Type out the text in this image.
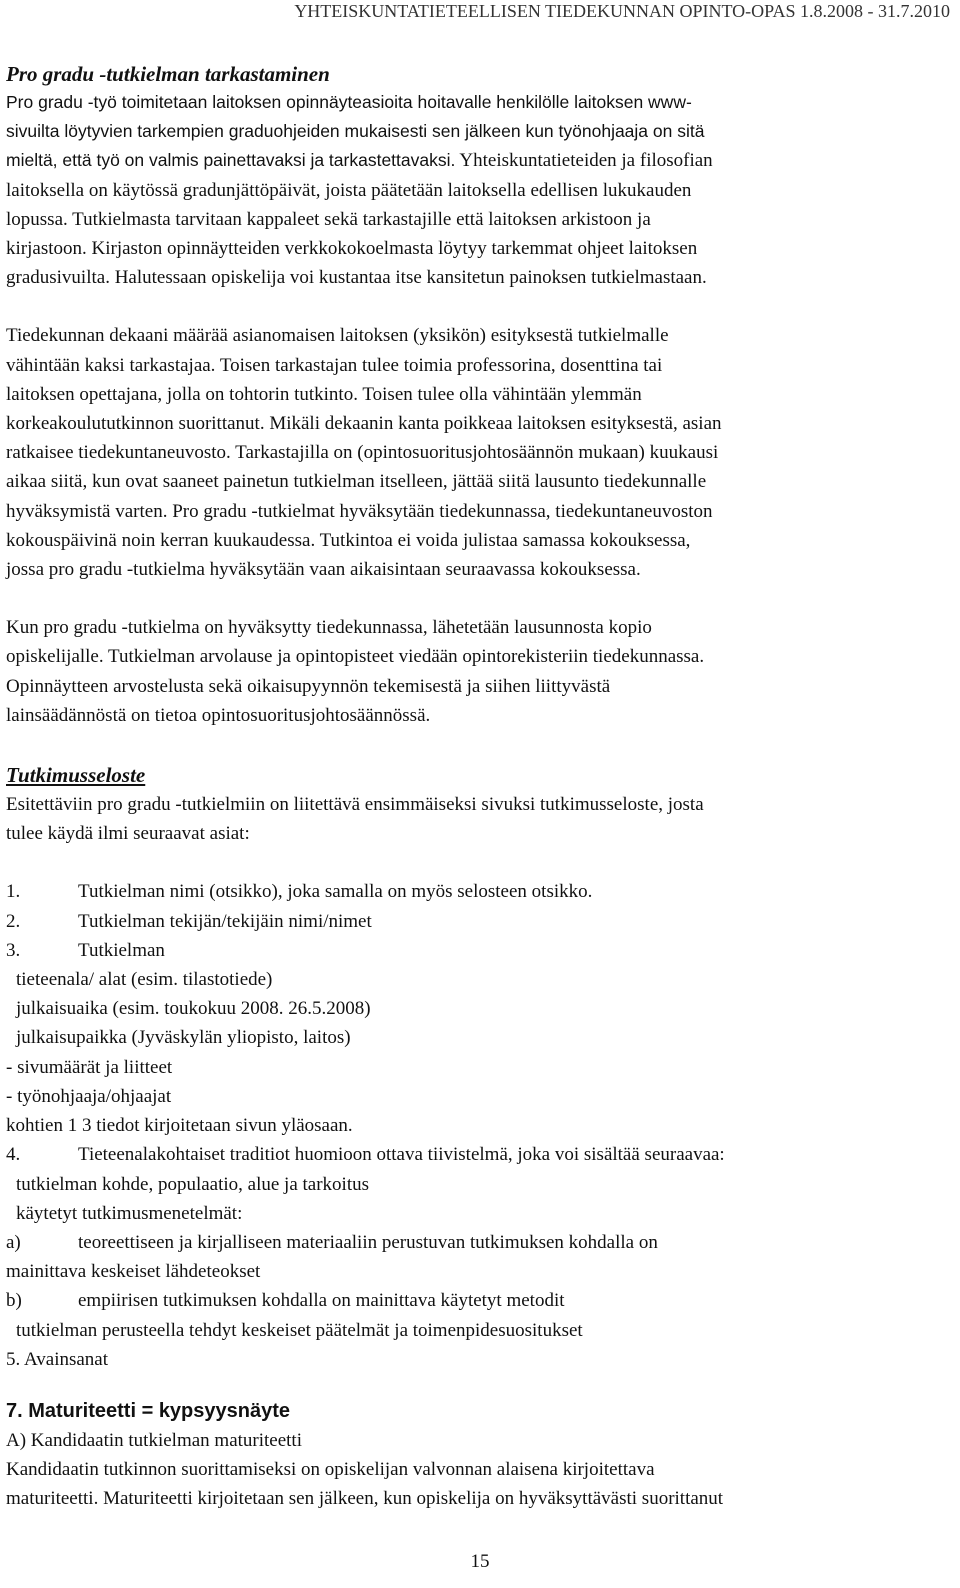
YHTEISKUNTATIETEELLISEN TIEDEKUNNAN OPINTO-OPAS 1.8.2008 - 31.7.2010

Pro gradu -tutkielman tarkastaminen

Pro gradu -työ toimitetaan laitoksen opinnäyteasioita hoitavalle henkilölle laitoksen www-
sivuilta löytyvien tarkempien graduohjeiden mukaisesti sen jälkeen kun työnohjaaja on sitä
mieltä, että työ on valmis painettavaksi ja tarkastettavaksi. Yhteiskuntatieteiden ja filosofian
laitoksella on käytössä gradunjättöpäivät, joista päätetään laitoksella edellisen lukukauden
lopussa. Tutkielmasta tarvitaan kappaleet sekä tarkastajille että laitoksen arkistoon ja
kirjastoon. Kirjaston opinnäytteiden verkkokokoelmasta löytyy tarkemmat ohjeet laitoksen
gradusivuilta. Halutessaan opiskelija voi kustantaa itse kansitetun painoksen tutkielmastaan.
Tiedekunnan dekaani määrää asianomaisen laitoksen (yksikön) esityksestä tutkielmalle
vähintään kaksi tarkastajaa. Toisen tarkastajan tulee toimia professorina, dosenttina tai
laitoksen opettajana, jolla on tohtorin tutkinto. Toisen tulee olla vähintään ylemmän
korkeakoulututkinnon suorittanut. Mikäli dekaanin kanta poikkeaa laitoksen esityksestä, asian
ratkaisee tiedekuntaneuvosto. Tarkastajilla on (opintosuoritusjohtosäännön mukaan) kuukausi
aikaa siitä, kun ovat saaneet painetun tutkielman itselleen, jättää siitä lausunto tiedekunnalle
hyväksymistä varten. Pro gradu -tutkielmat hyväksytään tiedekunnassa, tiedekuntaneuvoston
kokouspäivinä noin kerran kuukaudessa. Tutkintoa ei voida julistaa samassa kokouksessa,
jossa pro gradu -tutkielma hyväksytään vaan aikaisintaan seuraavassa kokouksessa.
Kun pro gradu -tutkielma on hyväksytty tiedekunnassa, lähetetään lausunnosta kopio
opiskelijalle. Tutkielman arvolause ja opintopisteet viedään opintorekisteriin tiedekunnassa.
Opinnäytteen arvostelusta sekä oikaisupyynnön tekemisestä ja siihen liittyvästä
lainsäädännöstä on tietoa opintosuoritusjohtosäännössä.

Tutkimusseloste

Esitettäviin pro gradu -tutkielmiin on liitettävä ensimmäiseksi sivuksi tutkimusseloste, josta
tulee käydä ilmi seuraavat asiat:
1.	Tutkielman nimi (otsikko), joka samalla on myös selosteen otsikko.
2.	Tutkielman tekijän/tekijäin nimi/nimet
3.	Tutkielman
tieteenala/ alat (esim. tilastotiede)
julkaisuaika (esim. toukokuu 2008. 26.5.2008)
julkaisupaikka (Jyväskylän yliopisto, laitos)
- sivumäärät ja liitteet
- työnohjaaja/ohjaajat
kohtien 1 3 tiedot kirjoitetaan sivun yläosaan.
4.	Tieteenalakohtaiset traditiot huomioon ottava tiivistelmä, joka voi sisältää seuraavaa:
tutkielman kohde, populaatio, alue ja tarkoitus
käytetyt tutkimusmenetelmät:
a)	teoreettiseen ja kirjalliseen materiaaliin perustuvan tutkimuksen kohdalla on
mainittava keskeiset lähdeteokset
b)	empiirisen tutkimuksen kohdalla on mainittava käytetyt metodit
tutkielman perusteella tehdyt keskeiset päätelmät ja toimenpidesuositukset
5. Avainsanat
7. Maturiteetti = kypsyysnäyte
A) Kandidaatin tutkielman maturiteetti
Kandidaatin tutkinnon suorittamiseksi on opiskelijan valvonnan alaisena kirjoitettava
maturiteetti. Maturiteetti kirjoitetaan sen jälkeen, kun opiskelija on hyväksyttävästi suorittanut
15
